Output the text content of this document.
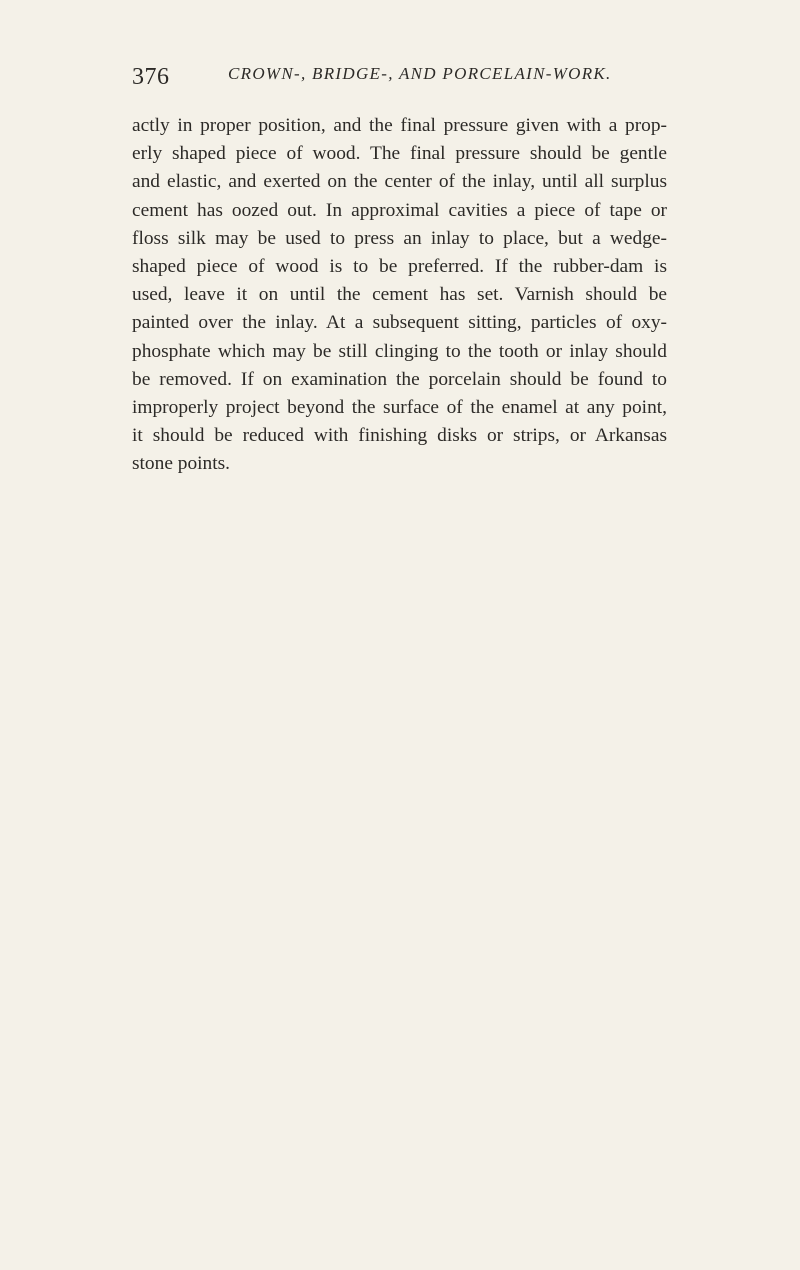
376	CROWN-, BRIDGE-, AND PORCELAIN-WORK.
actly in proper position, and the final pressure given with a prop-
erly shaped piece of wood. The final pressure should be gentle
and elastic, and exerted on the center of the inlay, until all surplus
cement has oozed out. In approximal cavities a piece of tape or
floss silk may be used to press an inlay to place, but a wedge-
shaped piece of wood is to be preferred. If the rubber-dam is
used, leave it on until the cement has set. Varnish should be
painted over the inlay. At a subsequent sitting, particles of oxy-
phosphate which may be still clinging to the tooth or inlay should
be removed. If on examination the porcelain should be found to
improperly project beyond the surface of the enamel at any point,
it should be reduced with finishing disks or strips, or Arkansas
stone points.
